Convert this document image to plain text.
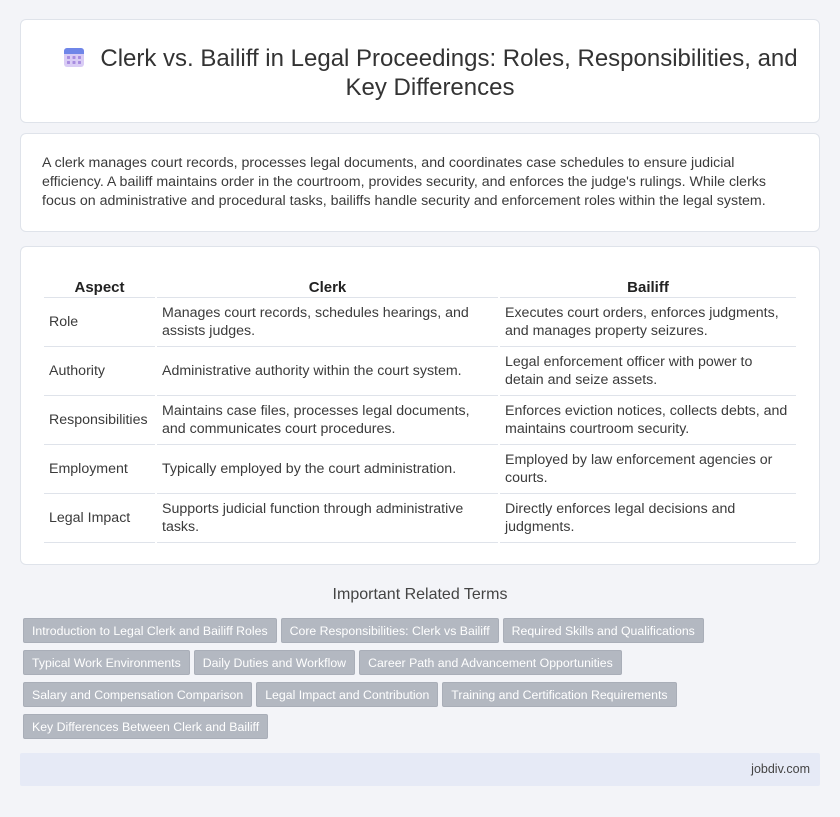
Clerk vs. Bailiff in Legal Proceedings: Roles, Responsibilities, and Key Differences

A clerk manages court records, processes legal documents, and coordinates case schedules to ensure judicial efficiency. A bailiff maintains order in the courtroom, provides security, and enforces the judge's rulings. While clerks focus on administrative and procedural tasks, bailiffs handle security and enforcement roles within the legal system.

Aspect	Clerk	Bailiff
Role	Manages court records, schedules hearings, and assists judges.	Executes court orders, enforces judgments, and manages property seizures.
Authority	Administrative authority within the court system.	Legal enforcement officer with power to detain and seize assets.
Responsibilities	Maintains case files, processes legal documents, and communicates court procedures.	Enforces eviction notices, collects debts, and maintains courtroom security.
Employment	Typically employed by the court administration.	Employed by law enforcement agencies or courts.
Legal Impact	Supports judicial function through administrative tasks.	Directly enforces legal decisions and judgments.
Important Related Terms
Introduction to Legal Clerk and Bailiff Roles Core Responsibilities: Clerk vs Bailiff Required Skills and Qualifications
Typical Work Environments Daily Duties and Workflow Career Path and Advancement Opportunities
Salary and Compensation Comparison Legal Impact and Contribution Training and Certification Requirements
Key Differences Between Clerk and Bailiff
jobdiv.com
